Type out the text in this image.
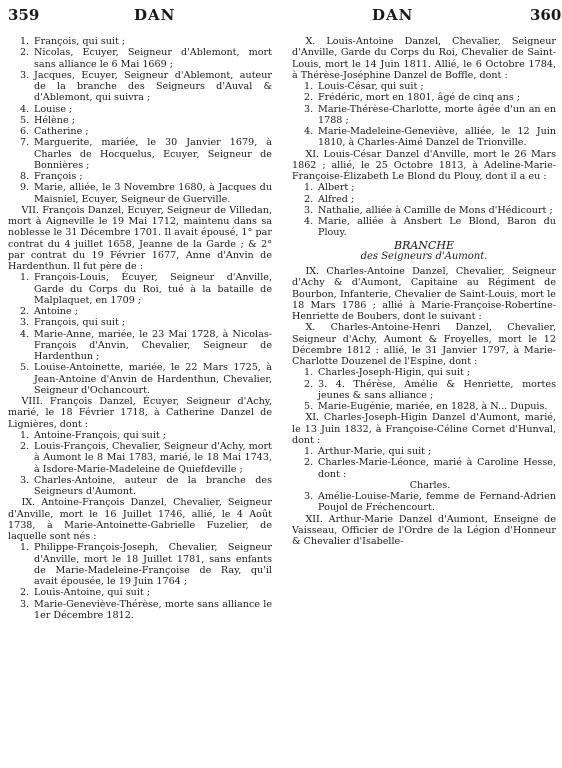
359	DAN	DAN	360
1. François, qui suit ;
2. Nicolas, Ecuyer, Seigneur d'Ablemont, mort sans alliance le 6 Mai 1669 ;
3. Jacques, Ecuyer, Seigneur d'Ablemont, auteur de la branche des Seigneurs d'Auval & d'Ablemont, qui suivra ;
4. Louise ;
5. Hélène ;
6. Catherine ;
7. Marguerite, mariée, le 30 Janvier 1679, à Charles de Hocquelus, Ecuyer, Seigneur de Bonnières ;
8. François ;
9. Marie, alliée, le 3 Novembre 1680, à Jacques du Maisniel, Ecuyer, Seigneur de Guerville.

VII. François Danzel, Ecuyer, Seigneur de Villedan, mort à Aigneville le 19 Mai 1712, maintenu dans sa noblesse le 31 Décembre 1701. Il avait épousé, 1° par contrat du 4 juillet 1658, Jeanne de la Garde ; & 2° par contrat du 19 Février 1677, Anne d'Anvin de Hardenthun. Il fut père de :

1. François-Louis, Écuyer, Seigneur d'Anville, Garde du Corps du Roi, tué à la bataille de Malplaquet, en 1709 ;
2. Antoine ;
3. François, qui suit ;
4. Marie-Anne, mariée, le 23 Mai 1728, à Nicolas-François d'Anvin, Chevalier, Seigneur de Hardenthun ;
5. Louise-Antoinette, mariée, le 22 Mars 1725, à Jean-Antoine d'Anvin de Hardenthun, Chevalier, Seigneur d'Ochancourt.

VIII. François Danzel, Écuyer, Seigneur d'Achy, marié, le 18 Février 1718, à Catherine Danzel de Lignières, dont :

1. Antoine-François, qui suit ;
2. Louis-François, Chevalier, Seigneur d'Achy, mort à Aumont le 8 Mai 1783, marié, le 18 Mai 1743, à Isdore-Marie-Madeleine de Quiefdeville ;
3. Charles-Antoine, auteur de la branche des Seigneurs d'Aumont.

IX. Antoine-François Danzel, Chevalier, Seigneur d'Anville, mort le 16 Juillet 1746, allié, le 4 Août 1738, à Marie-Antoinette-Gabrielle Fuzelier, de laquelle sont nés :

1. Philippe-François-Joseph, Chevalier, Seigneur d'Anville, mort le 18 Juillet 1781, sans enfants de Marie-Madeleine-Françoise de Ray, qu'il avait épousée, le 19 Juin 1764 ;
2. Louis-Antoine, qui suit ;
3. Marie-Geneviève-Thérèse, morte sans alliance le 1er Décembre 1812.

X. Louis-Antoine Danzel, Chevalier, Seigneur d'Anville, Garde du Corps du Roi, Chevalier de Saint-Louis, mort le 14 Juin 1811. Allié, le 6 Octobre 1784, à Thérèse-Joséphine Danzel de Boffle, dont :

1. Louis-César, qui suit ;
2. Frédéric, mort en 1801, âgé de cinq ans ;
3. Marie-Thérèse-Charlotte, morte âgée d'un an en 1788 ;
4. Marie-Madeleine-Geneviève, alliée, le 12 Juin 1810, à Charles-Aimé Danzel de Trionville.

XI. Louis-César Danzel d'Anville, mort le 26 Mars 1862 ; allié, le 25 Octobre 1813, à Adeline-Marie-Françoise-Élizabeth Le Blond du Plouy, dont il a eu :

1. Albert ;
2. Alfred ;
3. Nathalie, alliée à Camille de Mons d'Hédicourt ;
4. Marie, alliée à Ansbert Le Blond, Baron du Plouy.
BRANCHE
des Seigneurs d'Aumont.

IX. Charles-Antoine Danzel, Chevalier, Seigneur d'Achy & d'Aumont, Capitaine au Régiment de Bourbon, Infanterie, Chevalier de Saint-Louis, mort le 18 Mars 1786 ; allié à Marie-Françoise-Robertine-Henriette de Boubers, dont le suivant :

X. Charles-Antoine-Henri Danzel, Chevalier, Seigneur d'Achy, Aumont & Froyelles, mort le 12 Décembre 1812 : allié, le 31 Janvier 1797, à Marie-Charlotte Douzenel de l'Espine, dont :

1. Charles-Joseph-Higin, qui suit ;
2. 3. 4. Thérèse, Amélie & Henriette, mortes jeunes & sans alliance ;
5. Marie-Eugénie, mariée, en 1828, à N... Dupuis.

XI. Charles-Joseph-Higin Danzel d'Aumont, marié, le 13 Juin 1832, à Françoise-Céline Cornet d'Hunval, dont :

1. Arthur-Marie, qui suit ;
2. Charles-Marie-Léonce, marié à Caroline Hesse, dont :
Charles.
3. Amélie-Louise-Marie, femme de Fernand-Adrien Poujol de Fréchencourt.

XII. Arthur-Marie Danzel d'Aumont, Enseigne de Vaisseau, Officier de l'Ordre de la Légion d'Honneur & Chevalier d'Isabelle-
